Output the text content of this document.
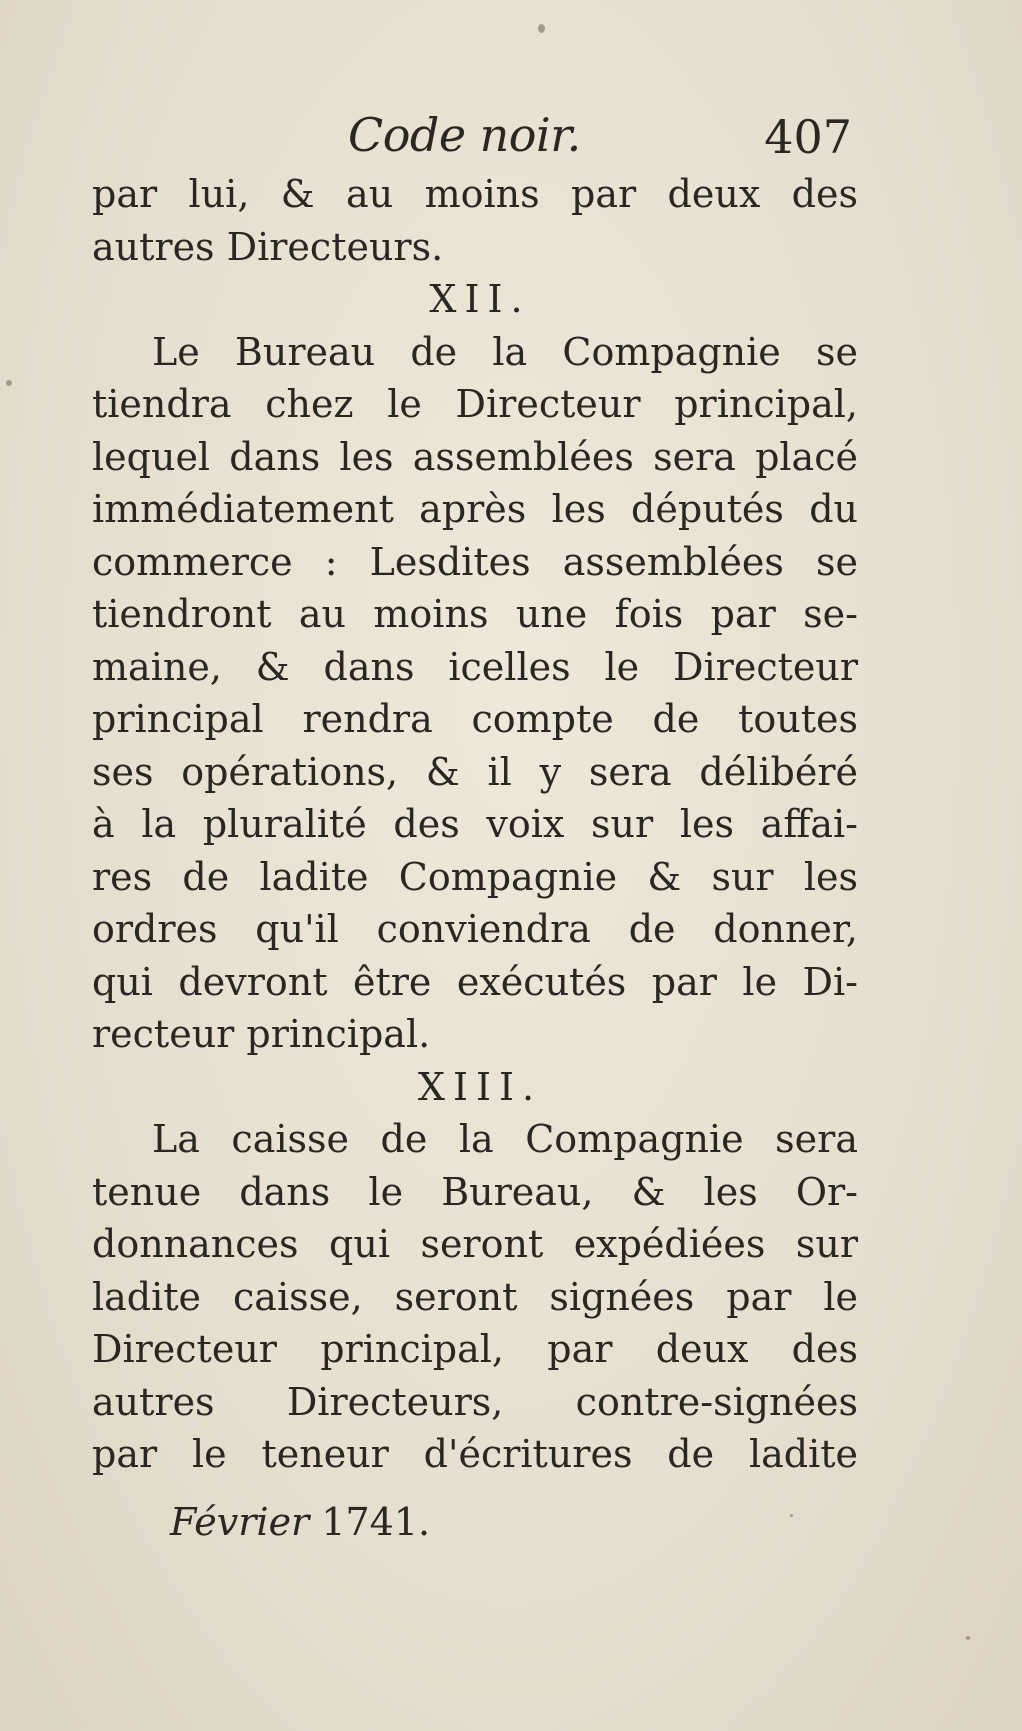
Code noir.	407
par lui, & au moins par deux des
autres Directeurs.
XII.
Le Bureau de la Compagnie se
tiendra chez le Directeur principal,
lequel dans les assemblées sera placé
immédiatement après les députés du
commerce : Lesdites assemblées se
tiendront au moins une fois par se-
maine, & dans icelles le Directeur
principal rendra compte de toutes
ses opérations, & il y sera délibéré
à la pluralité des voix sur les affai-
res de ladite Compagnie & sur les
ordres qu'il conviendra de donner,
qui devront être exécutés par le Di-
recteur principal.
XIII.
La caisse de la Compagnie sera
tenue dans le Bureau, & les Or-
donnances qui seront expédiées sur
ladite caisse, seront signées par le
Directeur principal, par deux des
autres Directeurs, contre-signées
par le teneur d'écritures de ladite
Février 1741.
